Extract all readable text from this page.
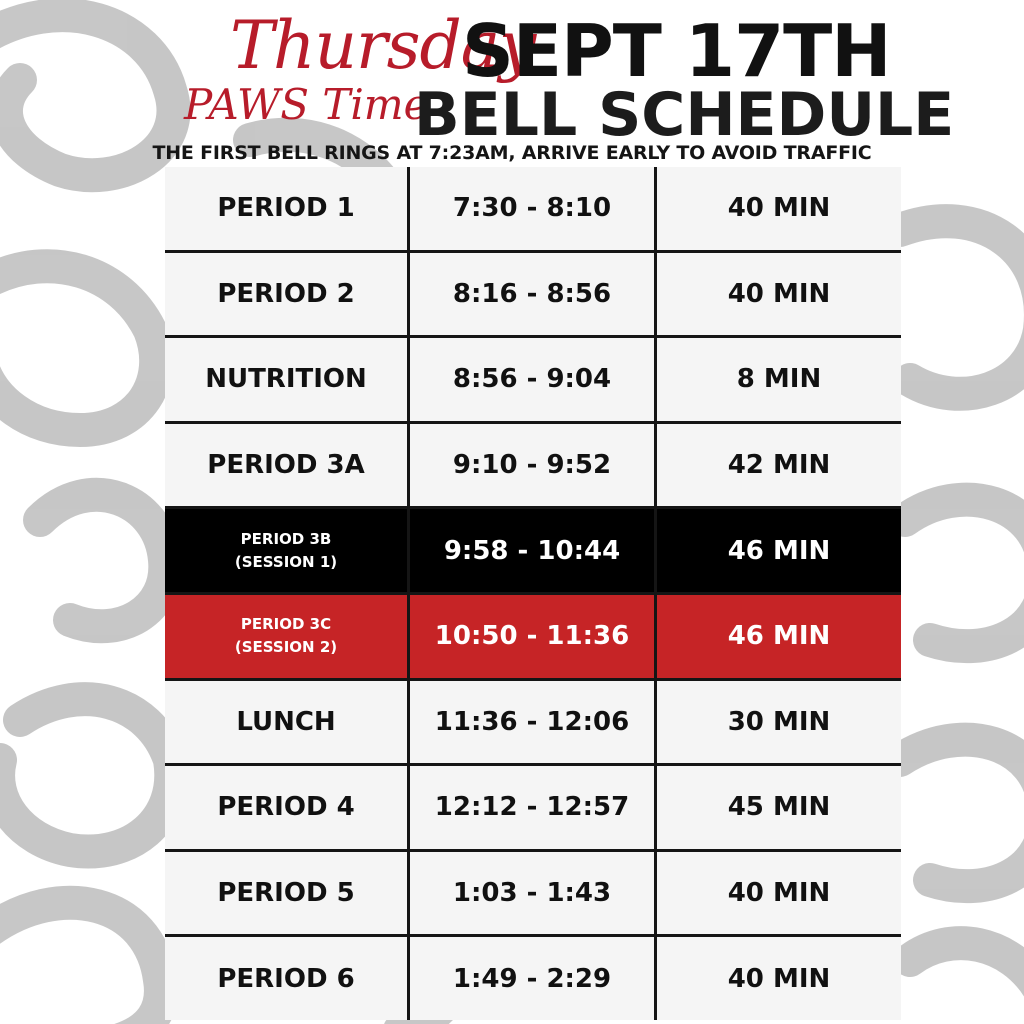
Thursday
PAWS Time
SEPT 17TH
BELL SCHEDULE
THE FIRST BELL RINGS AT 7:23AM, ARRIVE EARLY TO AVOID TRAFFIC
PERIOD 1	7:30 - 8:10	40 MIN
PERIOD 2	8:16 - 8:56	40 MIN
NUTRITION	8:56 - 9:04	8 MIN
PERIOD 3A	9:10 - 9:52	42 MIN
PERIOD 3B
(SESSION 1)	9:58 - 10:44	46 MIN
PERIOD 3C
(SESSION 2)	10:50 - 11:36	46 MIN
LUNCH	11:36 - 12:06	30 MIN
PERIOD 4	12:12 - 12:57	45 MIN
PERIOD 5	1:03 - 1:43	40 MIN
PERIOD 6	1:49 - 2:29	40 MIN
